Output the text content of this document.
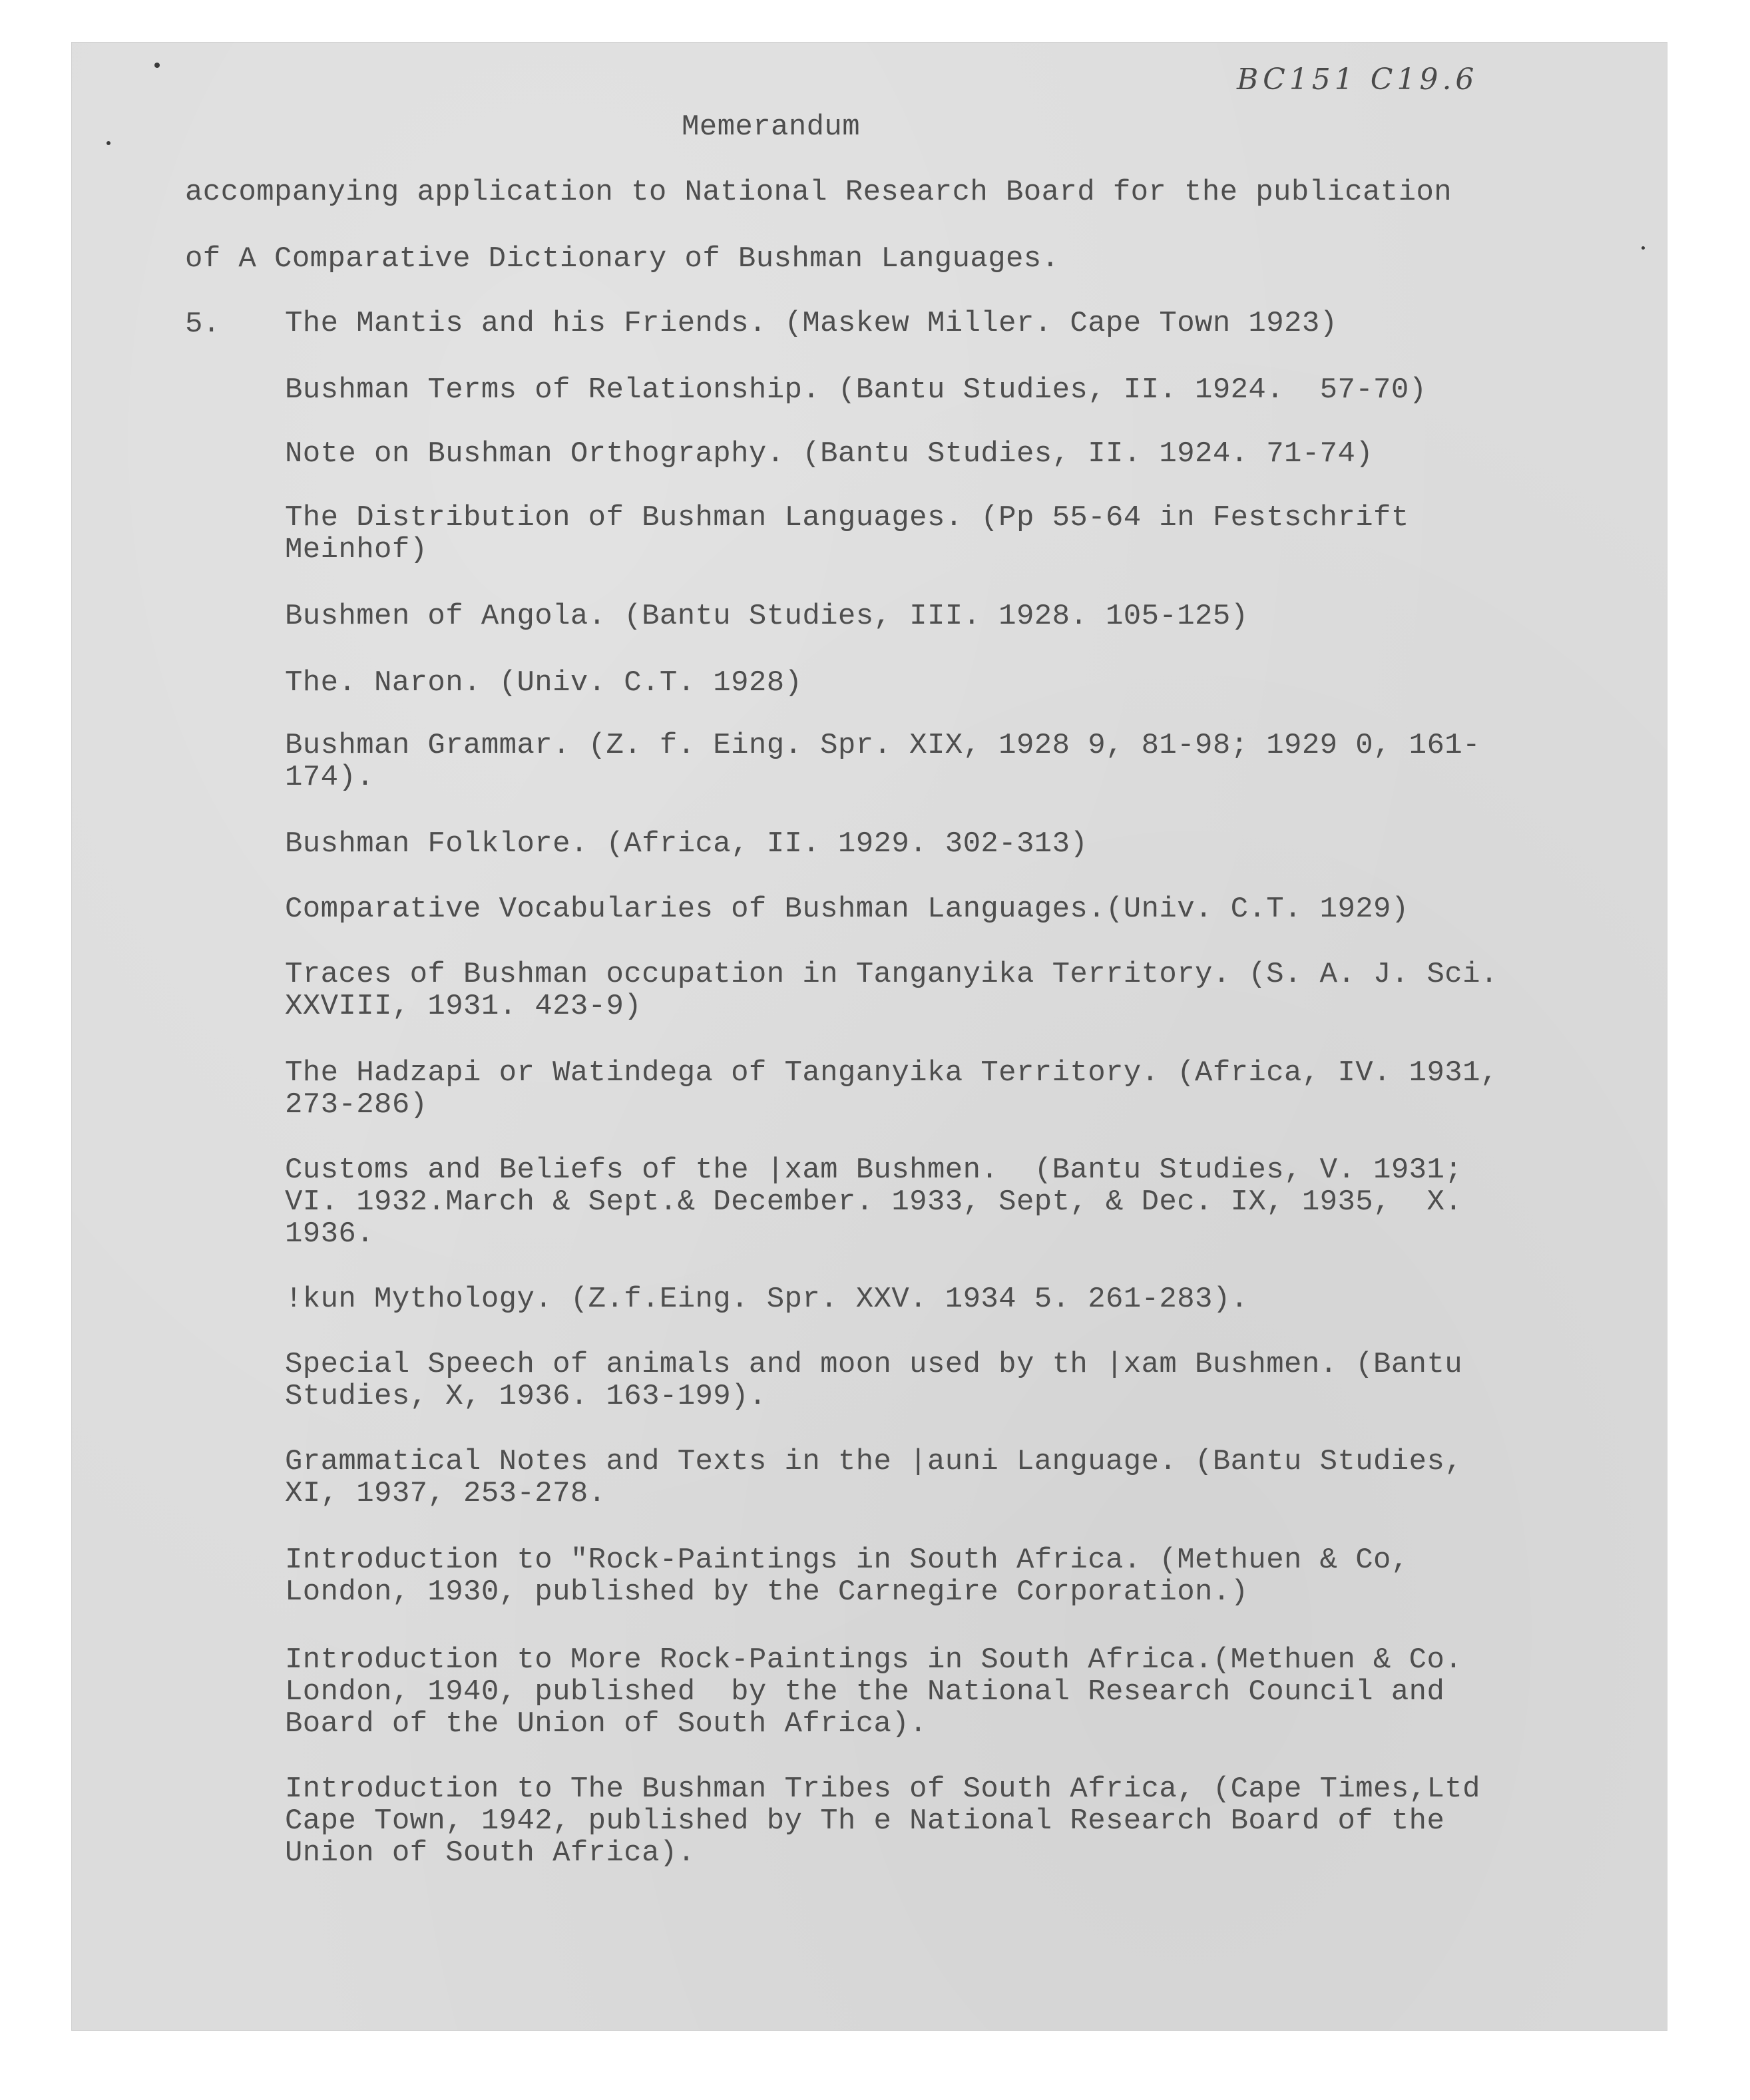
BC151 C19.6
Memerandum
accompanying application to National Research Board for the publication
of A Comparative Dictionary of Bushman Languages.
5. The Mantis and his Friends. (Maskew Miller. Cape Town 1923)
Bushman Terms of Relationship. (Bantu Studies, II. 1924.  57-70)
Note on Bushman Orthography. (Bantu Studies, II. 1924. 71-74)
The Distribution of Bushman Languages. (Pp 55-64 in Festschrift
Meinhof)
Bushmen of Angola. (Bantu Studies, III. 1928. 105-125)
The. Naron. (Univ. C.T. 1928)
Bushman Grammar. (Z. f. Eing. Spr. XIX, 1928 9, 81-98; 1929 0, 161-
174).
Bushman Folklore. (Africa, II. 1929. 302-313)
Comparative Vocabularies of Bushman Languages.(Univ. C.T. 1929)
Traces of Bushman occupation in Tanganyika Territory. (S. A. J. Sci.
XXVIII, 1931. 423-9)
The Hadzapi or Watindega of Tanganyika Territory. (Africa, IV. 1931,
273-286)
Customs and Beliefs of the |xam Bushmen.  (Bantu Studies, V. 1931;
VI. 1932.March & Sept.& December. 1933, Sept, & Dec. IX, 1935,  X.
1936.
!kun Mythology. (Z.f.Eing. Spr. XXV. 1934 5. 261-283).
Special Speech of animals and moon used by th |xam Bushmen. (Bantu
Studies, X, 1936. 163-199).
Grammatical Notes and Texts in the |auni Language. (Bantu Studies,
XI, 1937, 253-278.
Introduction to "Rock-Paintings in South Africa. (Methuen & Co,
London, 1930, published by the Carnegire Corporation.)
Introduction to More Rock-Paintings in South Africa.(Methuen & Co.
London, 1940, published  by the the National Research Council and
Board of the Union of South Africa).
Introduction to The Bushman Tribes of South Africa, (Cape Times,Ltd
Cape Town, 1942, published by Th e National Research Board of the
Union of South Africa).
